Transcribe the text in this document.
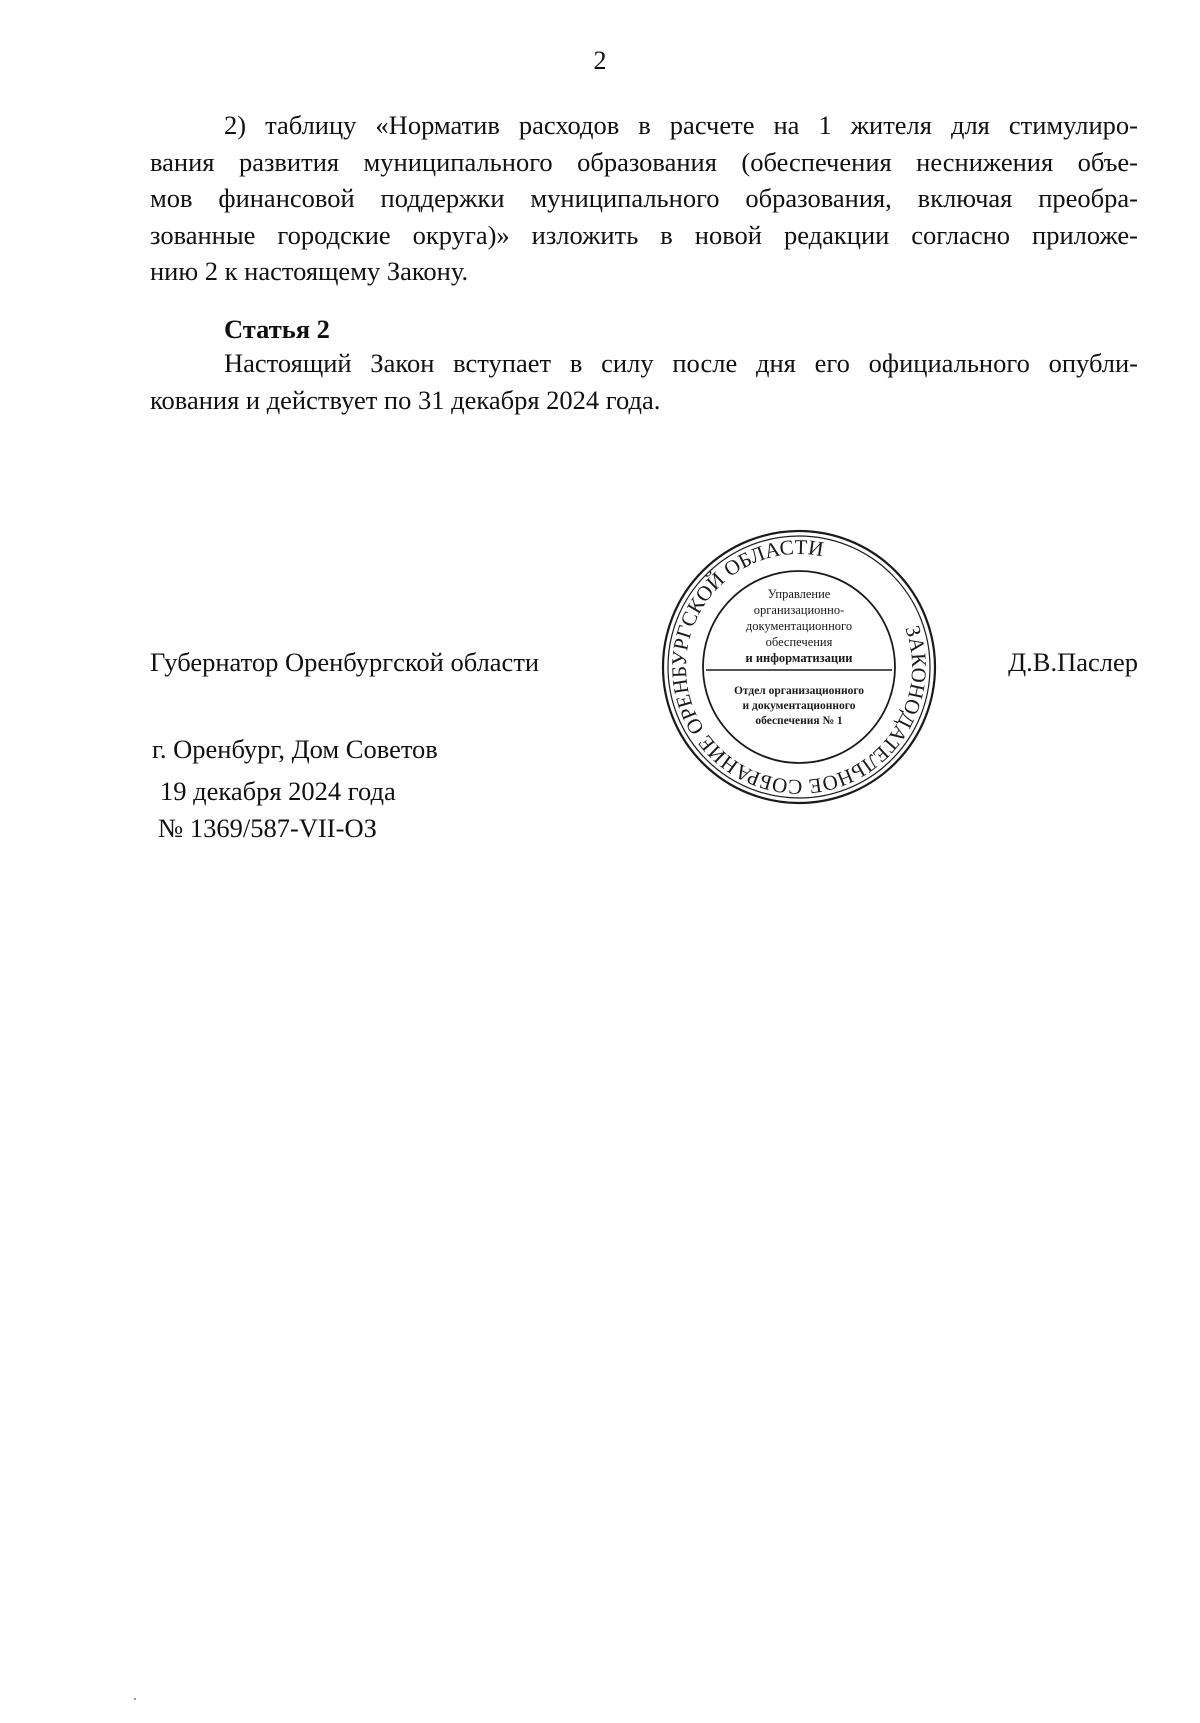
2
2) таблицу «Норматив расходов в расчете на 1 жителя для стимулиро-
вания развития муниципального образования (обеспечения неснижения объе-
мов финансовой поддержки муниципального образования, включая преобра-
зованные городские округа)» изложить в новой редакции согласно приложе-
нию 2 к настоящему Закону.
Статья 2
Настоящий Закон вступает в силу после дня его официального опубли-
кования и действует по 31 декабря 2024 года.
Губернатор Оренбургской области	Д.В.Паслер
ЗАКОНОДАТЕЛЬНОЕ СОБРАНИЕ ОРЕНБУРГСКОЙ ОБЛАСТИ
Управление
организационно-
документационного
обеспечения
и информатизации
Отдел организационного
и документационного
обеспечения № 1
г. Оренбург, Дом Советов
19 декабря 2024 года
№ 1369/587-VII-ОЗ
